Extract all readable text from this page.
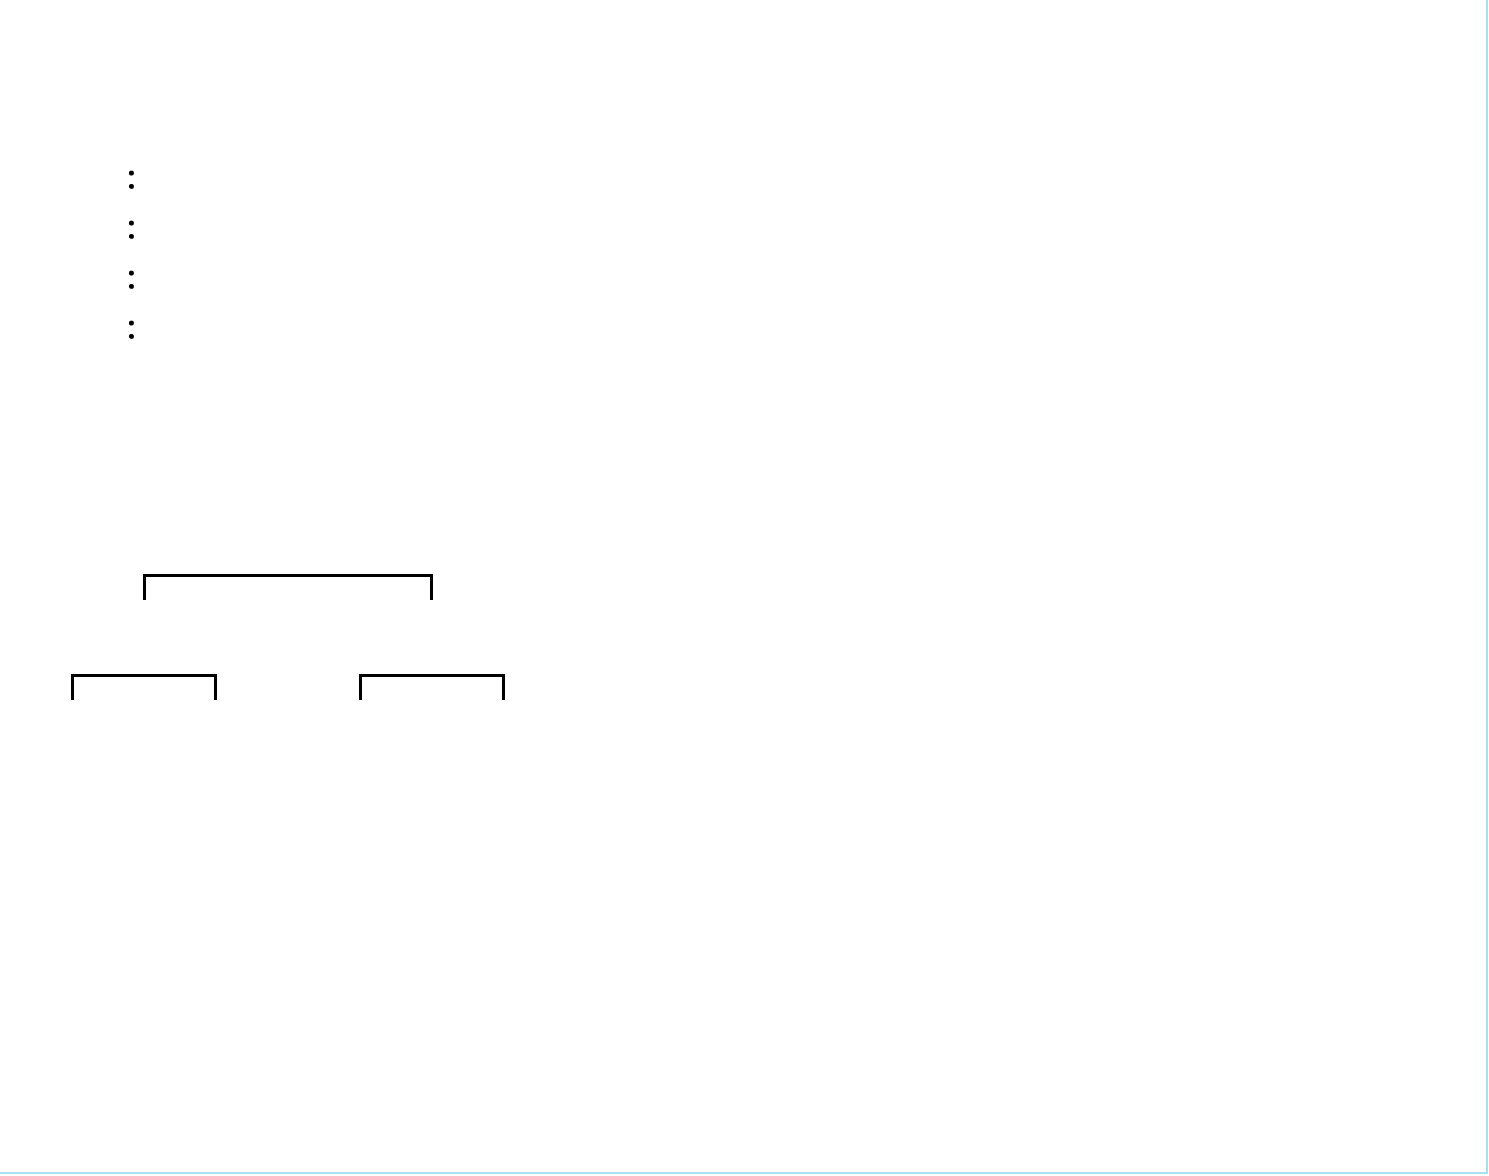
：
：
：
：
